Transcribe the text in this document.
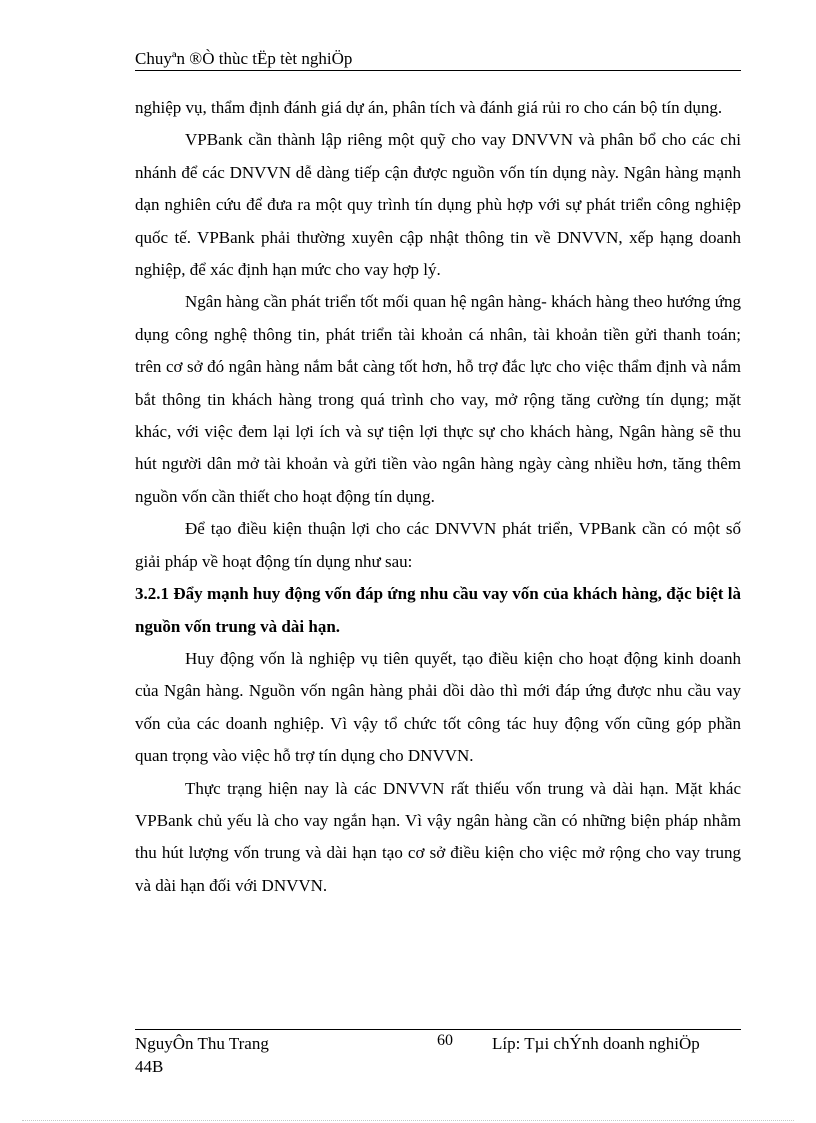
Chuyªn ®Ò thùc tËp tèt nghiÖp

nghiệp vụ, thẩm định đánh giá dự án, phân tích và đánh giá rủi ro cho cán bộ tín dụng.

VPBank cần thành lập riêng một quỹ cho vay DNVVN và phân bổ cho các chi nhánh để các DNVVN dễ dàng tiếp cận được nguồn vốn tín dụng này. Ngân hàng mạnh dạn nghiên cứu để đưa ra một quy trình tín dụng phù hợp với sự phát triển công nghiệp quốc tế. VPBank phải thường xuyên cập nhật thông tin về DNVVN, xếp hạng doanh nghiệp, để xác định hạn mức cho vay hợp lý.

Ngân hàng cần phát triển tốt mối quan hệ ngân hàng- khách hàng theo hướng ứng dụng công nghệ thông tin, phát triển tài khoản cá nhân, tài khoản tiền gửi thanh toán; trên cơ sở đó ngân hàng nắm bắt càng tốt hơn, hỗ trợ đắc lực cho việc thẩm định và nắm bắt thông tin khách hàng trong quá trình cho vay, mở rộng tăng cường tín dụng; mặt khác, với việc đem lại lợi ích và sự tiện lợi thực sự cho khách hàng, Ngân hàng sẽ thu hút người dân mở tài khoản và gửi tiền vào ngân hàng ngày càng nhiều hơn, tăng thêm nguồn vốn cần thiết cho hoạt động tín dụng.

Để tạo điều kiện thuận lợi cho các DNVVN phát triển, VPBank cần có một số giải pháp về hoạt động tín dụng như sau:

3.2.1 Đẩy mạnh huy động vốn đáp ứng nhu cầu vay vốn của khách hàng, đặc biệt là nguồn vốn trung và dài hạn.

Huy động vốn là nghiệp vụ tiên quyết, tạo điều kiện cho hoạt động kinh doanh của Ngân hàng. Nguồn vốn ngân hàng phải dồi dào thì mới đáp ứng được nhu cầu vay vốn của các doanh nghiệp. Vì vậy tổ chức tốt công tác huy động vốn cũng góp phần quan trọng vào việc hỗ trợ tín dụng cho DNVVN.

Thực trạng hiện nay là các DNVVN rất thiếu vốn trung và dài hạn. Mặt khác VPBank chủ yếu là cho vay ngắn hạn. Vì vậy ngân hàng cần có những biện pháp nhằm thu hút lượng vốn trung và dài hạn tạo cơ sở điều kiện cho việc mở rộng cho vay trung và dài hạn đối với DNVVN.

NguyÔn Thu Trang	60 Líp: Tµi chÝnh doanh nghiÖp
44B
